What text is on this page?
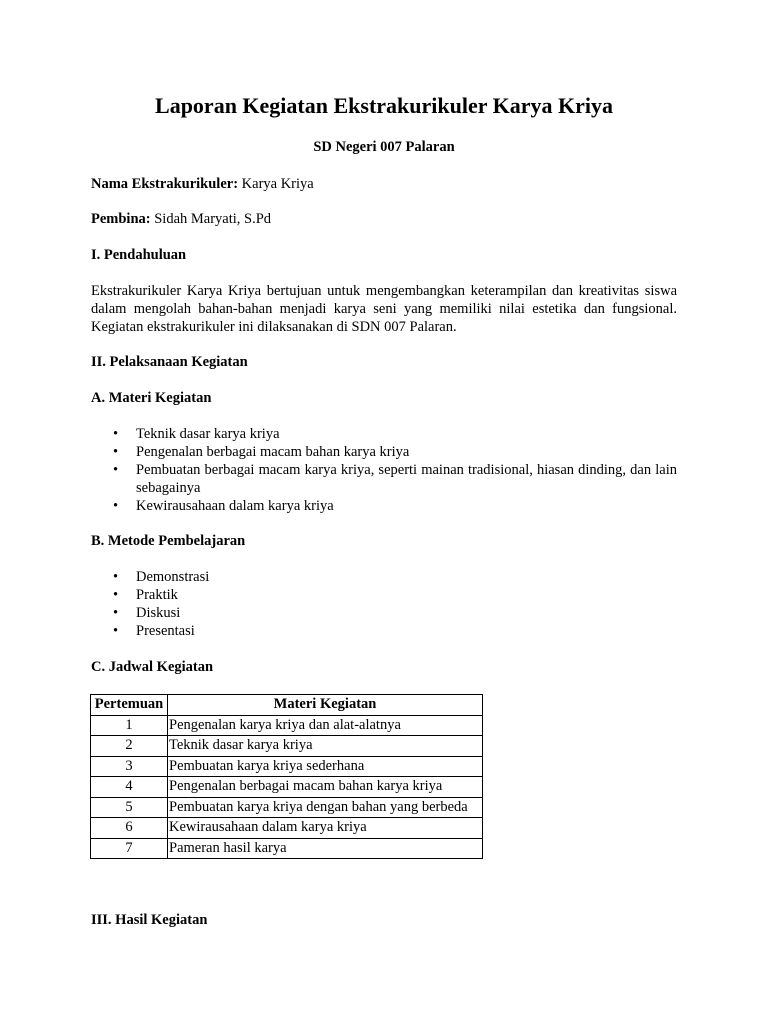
Laporan Kegiatan Ekstrakurikuler Karya Kriya

SD Negeri 007 Palaran

Nama Ekstrakurikuler: Karya Kriya

Pembina: Sidah Maryati, S.Pd

I. Pendahuluan

Ekstrakurikuler Karya Kriya bertujuan untuk mengembangkan keterampilan dan kreativitas siswa dalam mengolah bahan-bahan menjadi karya seni yang memiliki nilai estetika dan fungsional. Kegiatan ekstrakurikuler ini dilaksanakan di SDN 007 Palaran.

II. Pelaksanaan Kegiatan

A. Materi Kegiatan

• Teknik dasar karya kriya
• Pengenalan berbagai macam bahan karya kriya
• Pembuatan berbagai macam karya kriya, seperti mainan tradisional, hiasan dinding, dan lain sebagainya
• Kewirausahaan dalam karya kriya

B. Metode Pembelajaran

• Demonstrasi
• Praktik
• Diskusi
• Presentasi

C. Jadwal Kegiatan

Pertemuan	Materi Kegiatan
1	Pengenalan karya kriya dan alat-alatnya
2	Teknik dasar karya kriya
3	Pembuatan karya kriya sederhana
4	Pengenalan berbagai macam bahan karya kriya
5	Pembuatan karya kriya dengan bahan yang berbeda
6	Kewirausahaan dalam karya kriya
7	Pameran hasil karya

III. Hasil Kegiatan
